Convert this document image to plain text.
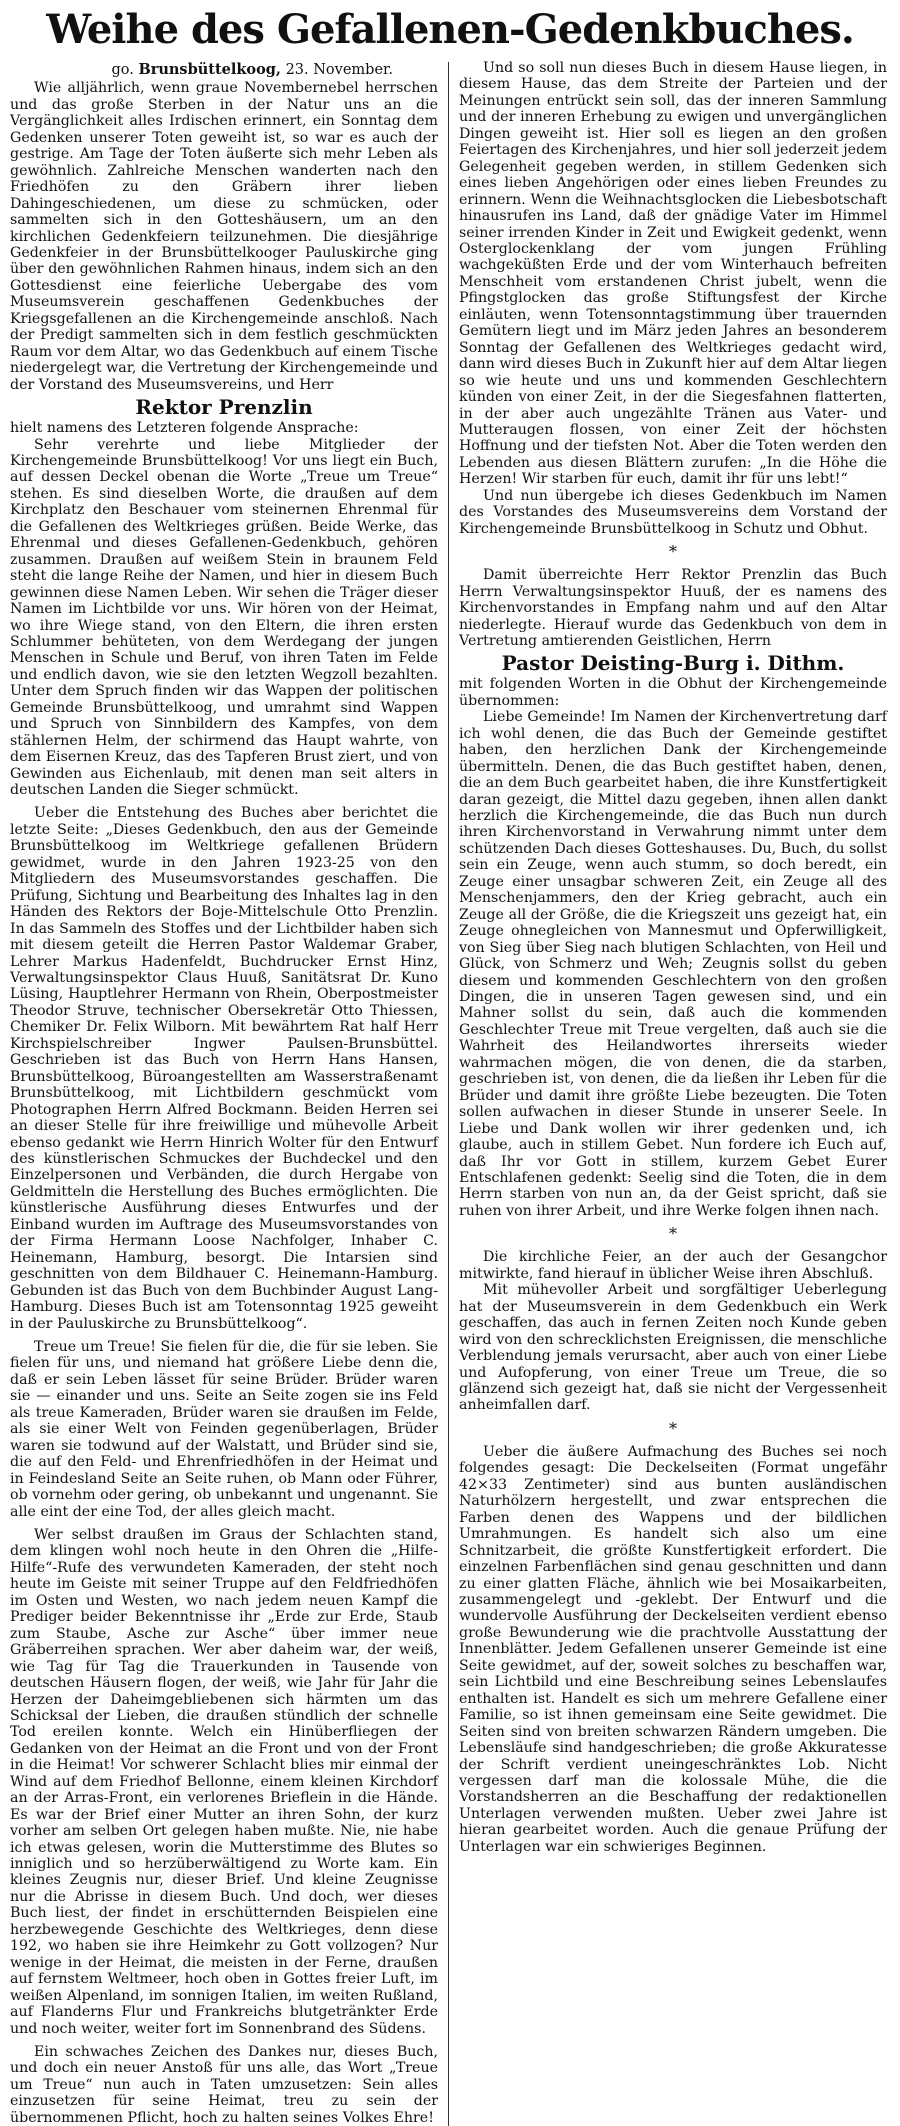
Weihe des Gefallenen-Gedenkbuches.
go. Brunsbüttelkoog, 23. November.

Wie alljährlich, wenn graue Novembernebel herrschen und das große Sterben in der Natur uns an die Vergänglichkeit alles Irdischen erinnert, ein Sonntag dem Gedenken unserer Toten geweiht ist, so war es auch der gestrige. Am Tage der Toten äußerte sich mehr Leben als gewöhnlich. Zahlreiche Menschen wanderten nach den Friedhöfen zu den Gräbern ihrer lieben Dahingeschiedenen, um diese zu schmücken, oder sammelten sich in den Gotteshäusern, um an den kirchlichen Gedenkfeiern teilzunehmen. Die diesjährige Gedenkfeier in der Brunsbüttelkooger Pauluskirche ging über den gewöhnlichen Rahmen hinaus, indem sich an den Gottesdienst eine feierliche Uebergabe des vom Museumsverein geschaffenen Gedenkbuches der Kriegsgefallenen an die Kirchengemeinde anschloß. Nach der Predigt sammelten sich in dem festlich geschmückten Raum vor dem Altar, wo das Gedenkbuch auf einem Tische niedergelegt war, die Vertretung der Kirchengemeinde und der Vorstand des Museumsvereins, und Herr

Rektor Prenzlin

hielt namens des Letzteren folgende Ansprache:

Sehr verehrte und liebe Mitglieder der Kirchengemeinde Brunsbüttelkoog! Vor uns liegt ein Buch, auf dessen Deckel obenan die Worte „Treue um Treue“ stehen. Es sind dieselben Worte, die draußen auf dem Kirchplatz den Beschauer vom steinernen Ehrenmal für die Gefallenen des Weltkrieges grüßen. Beide Werke, das Ehrenmal und dieses Gefallenen-Gedenkbuch, gehören zusammen. Draußen auf weißem Stein in braunem Feld steht die lange Reihe der Namen, und hier in diesem Buch gewinnen diese Namen Leben. Wir sehen die Träger dieser Namen im Lichtbilde vor uns. Wir hören von der Heimat, wo ihre Wiege stand, von den Eltern, die ihren ersten Schlummer behüteten, von dem Werdegang der jungen Menschen in Schule und Beruf, von ihren Taten im Felde und endlich davon, wie sie den letzten Wegzoll bezahlten. Unter dem Spruch finden wir das Wappen der politischen Gemeinde Brunsbüttelkoog, und umrahmt sind Wappen und Spruch von Sinnbildern des Kampfes, von dem stählernen Helm, der schirmend das Haupt wahrte, von dem Eisernen Kreuz, das des Tapferen Brust ziert, und von Gewinden aus Eichenlaub, mit denen man seit alters in deutschen Landen die Sieger schmückt.

Ueber die Entstehung des Buches aber berichtet die letzte Seite: „Dieses Gedenkbuch, den aus der Gemeinde Brunsbüttelkoog im Weltkriege gefallenen Brüdern gewidmet, wurde in den Jahren 1923-25 von den Mitgliedern des Museumsvorstandes geschaffen. Die Prüfung, Sichtung und Bearbeitung des Inhaltes lag in den Händen des Rektors der Boje-Mittelschule Otto Prenzlin. In das Sammeln des Stoffes und der Lichtbilder haben sich mit diesem geteilt die Herren Pastor Waldemar Graber, Lehrer Markus Hadenfeldt, Buchdrucker Ernst Hinz, Verwaltungsinspektor Claus Huuß, Sanitätsrat Dr. Kuno Lüsing, Hauptlehrer Hermann von Rhein, Oberpostmeister Theodor Struve, technischer Obersekretär Otto Thiessen, Chemiker Dr. Felix Wilborn. Mit bewährtem Rat half Herr Kirchspielschreiber Ingwer Paulsen-Brunsbüttel. Geschrieben ist das Buch von Herrn Hans Hansen, Brunsbüttelkoog, Büroangestellten am Wasserstraßenamt Brunsbüttelkoog, mit Lichtbildern geschmückt vom Photographen Herrn Alfred Bockmann. Beiden Herren sei an dieser Stelle für ihre freiwillige und mühevolle Arbeit ebenso gedankt wie Herrn Hinrich Wolter für den Entwurf des künstlerischen Schmuckes der Buchdeckel und den Einzelpersonen und Verbänden, die durch Hergabe von Geldmitteln die Herstellung des Buches ermöglichten. Die künstlerische Ausführung dieses Entwurfes und der Einband wurden im Auftrage des Museumsvorstandes von der Firma Hermann Loose Nachfolger, Inhaber C. Heinemann, Hamburg, besorgt. Die Intarsien sind geschnitten von dem Bildhauer C. Heinemann-Hamburg. Gebunden ist das Buch von dem Buchbinder August Lang-Hamburg. Dieses Buch ist am Totensonntag 1925 geweiht in der Pauluskirche zu Brunsbüttelkoog“.

Treue um Treue! Sie fielen für die, die für sie leben. Sie fielen für uns, und niemand hat größere Liebe denn die, daß er sein Leben lässet für seine Brüder. Brüder waren sie — einander und uns. Seite an Seite zogen sie ins Feld als treue Kameraden, Brüder waren sie draußen im Felde, als sie einer Welt von Feinden gegenüberlagen, Brüder waren sie todwund auf der Walstatt, und Brüder sind sie, die auf den Feld- und Ehrenfriedhöfen in der Heimat und in Feindesland Seite an Seite ruhen, ob Mann oder Führer, ob vornehm oder gering, ob unbekannt und ungenannt. Sie alle eint der eine Tod, der alles gleich macht.

Wer selbst draußen im Graus der Schlachten stand, dem klingen wohl noch heute in den Ohren die „Hilfe-Hilfe“-Rufe des verwundeten Kameraden, der steht noch heute im Geiste mit seiner Truppe auf den Feldfriedhöfen im Osten und Westen, wo nach jedem neuen Kampf die Prediger beider Bekenntnisse ihr „Erde zur Erde, Staub zum Staube, Asche zur Asche“ über immer neue Gräberreihen sprachen. Wer aber daheim war, der weiß, wie Tag für Tag die Trauerkunden in Tausende von deutschen Häusern flogen, der weiß, wie Jahr für Jahr die Herzen der Daheimgebliebenen sich härmten um das Schicksal der Lieben, die draußen stündlich der schnelle Tod ereilen konnte. Welch ein Hinüberfliegen der Gedanken von der Heimat an die Front und von der Front in die Heimat! Vor schwerer Schlacht blies mir einmal der Wind auf dem Friedhof Bellonne, einem kleinen Kirchdorf an der Arras-Front, ein verlorenes Brieflein in die Hände. Es war der Brief einer Mutter an ihren Sohn, der kurz vorher am selben Ort gelegen haben mußte. Nie, nie habe ich etwas gelesen, worin die Mutterstimme des Blutes so inniglich und so herzüberwältigend zu Worte kam. Ein kleines Zeugnis nur, dieser Brief. Und kleine Zeugnisse nur die Abrisse in diesem Buch. Und doch, wer dieses Buch liest, der findet in erschütternden Beispielen eine herzbewegende Geschichte des Weltkrieges, denn diese 192, wo haben sie ihre Heimkehr zu Gott vollzogen? Nur wenige in der Heimat, die meisten in der Ferne, draußen auf fernstem Weltmeer, hoch oben in Gottes freier Luft, im weißen Alpenland, im sonnigen Italien, im weiten Rußland, auf Flanderns Flur und Frankreichs blutgetränkter Erde und noch weiter, weiter fort im Sonnenbrand des Südens.

Ein schwaches Zeichen des Dankes nur, dieses Buch, und doch ein neuer Anstoß für uns alle, das Wort „Treue um Treue“ nun auch in Taten umzusetzen: Sein alles einzusetzen für seine Heimat, treu zu sein der übernommenen Pflicht, hoch zu halten seines Volkes Ehre!

Und so soll nun dieses Buch in diesem Hause liegen, in diesem Hause, das dem Streite der Parteien und der Meinungen entrückt sein soll, das der inneren Sammlung und der inneren Erhebung zu ewigen und unvergänglichen Dingen geweiht ist. Hier soll es liegen an den großen Feiertagen des Kirchenjahres, und hier soll jederzeit jedem Gelegenheit gegeben werden, in stillem Gedenken sich eines lieben Angehörigen oder eines lieben Freundes zu erinnern. Wenn die Weihnachtsglocken die Liebesbotschaft hinausrufen ins Land, daß der gnädige Vater im Himmel seiner irrenden Kinder in Zeit und Ewigkeit gedenkt, wenn Osterglockenklang der vom jungen Frühling wachgeküßten Erde und der vom Winterhauch befreiten Menschheit vom erstandenen Christ jubelt, wenn die Pfingstglocken das große Stiftungsfest der Kirche einläuten, wenn Totensonntagstimmung über trauernden Gemütern liegt und im März jeden Jahres an besonderem Sonntag der Gefallenen des Weltkrieges gedacht wird, dann wird dieses Buch in Zukunft hier auf dem Altar liegen so wie heute und uns und kommenden Geschlechtern künden von einer Zeit, in der die Siegesfahnen flatterten, in der aber auch ungezählte Tränen aus Vater- und Mutteraugen flossen, von einer Zeit der höchsten Hoffnung und der tiefsten Not. Aber die Toten werden den Lebenden aus diesen Blättern zurufen: „In die Höhe die Herzen! Wir starben für euch, damit ihr für uns lebt!“

Und nun übergebe ich dieses Gedenkbuch im Namen des Vorstandes des Museumsvereins dem Vorstand der Kirchengemeinde Brunsbüttelkoog in Schutz und Obhut.

*

Damit überreichte Herr Rektor Prenzlin das Buch Herrn Verwaltungsinspektor Huuß, der es namens des Kirchenvorstandes in Empfang nahm und auf den Altar niederlegte. Hierauf wurde das Gedenkbuch von dem in Vertretung amtierenden Geistlichen, Herrn

Pastor Deisting-Burg i. Dithm.

mit folgenden Worten in die Obhut der Kirchengemeinde übernommen:

Liebe Gemeinde! Im Namen der Kirchenvertretung darf ich wohl denen, die das Buch der Gemeinde gestiftet haben, den herzlichen Dank der Kirchengemeinde übermitteln. Denen, die das Buch gestiftet haben, denen, die an dem Buch gearbeitet haben, die ihre Kunstfertigkeit daran gezeigt, die Mittel dazu gegeben, ihnen allen dankt herzlich die Kirchengemeinde, die das Buch nun durch ihren Kirchenvorstand in Verwahrung nimmt unter dem schützenden Dach dieses Gotteshauses. Du, Buch, du sollst sein ein Zeuge, wenn auch stumm, so doch beredt, ein Zeuge einer unsagbar schweren Zeit, ein Zeuge all des Menschenjammers, den der Krieg gebracht, auch ein Zeuge all der Größe, die die Kriegszeit uns gezeigt hat, ein Zeuge ohnegleichen von Mannesmut und Opferwilligkeit, von Sieg über Sieg nach blutigen Schlachten, von Heil und Glück, von Schmerz und Weh; Zeugnis sollst du geben diesem und kommenden Geschlechtern von den großen Dingen, die in unseren Tagen gewesen sind, und ein Mahner sollst du sein, daß auch die kommenden Geschlechter Treue mit Treue vergelten, daß auch sie die Wahrheit des Heilandwortes ihrerseits wieder wahrmachen mögen, die von denen, die da starben, geschrieben ist, von denen, die da ließen ihr Leben für die Brüder und damit ihre größte Liebe bezeugten. Die Toten sollen aufwachen in dieser Stunde in unserer Seele. In Liebe und Dank wollen wir ihrer gedenken und, ich glaube, auch in stillem Gebet. Nun fordere ich Euch auf, daß Ihr vor Gott in stillem, kurzem Gebet Eurer Entschlafenen gedenkt: Seelig sind die Toten, die in dem Herrn starben von nun an, da der Geist spricht, daß sie ruhen von ihrer Arbeit, und ihre Werke folgen ihnen nach.

*

Die kirchliche Feier, an der auch der Gesangchor mitwirkte, fand hierauf in üblicher Weise ihren Abschluß.

Mit mühevoller Arbeit und sorgfältiger Ueberlegung hat der Museumsverein in dem Gedenkbuch ein Werk geschaffen, das auch in fernen Zeiten noch Kunde geben wird von den schrecklichsten Ereignissen, die menschliche Verblendung jemals verursacht, aber auch von einer Liebe und Aufopferung, von einer Treue um Treue, die so glänzend sich gezeigt hat, daß sie nicht der Vergessenheit anheimfallen darf.

*

Ueber die äußere Aufmachung des Buches sei noch folgendes gesagt: Die Deckelseiten (Format ungefähr 42×33 Zentimeter) sind aus bunten ausländischen Naturhölzern hergestellt, und zwar entsprechen die Farben denen des Wappens und der bildlichen Umrahmungen. Es handelt sich also um eine Schnitzarbeit, die größte Kunstfertigkeit erfordert. Die einzelnen Farbenflächen sind genau geschnitten und dann zu einer glatten Fläche, ähnlich wie bei Mosaikarbeiten, zusammengelegt und -geklebt. Der Entwurf und die wundervolle Ausführung der Deckelseiten verdient ebenso große Bewunderung wie die prachtvolle Ausstattung der Innenblätter. Jedem Gefallenen unserer Gemeinde ist eine Seite gewidmet, auf der, soweit solches zu beschaffen war, sein Lichtbild und eine Beschreibung seines Lebenslaufes enthalten ist. Handelt es sich um mehrere Gefallene einer Familie, so ist ihnen gemeinsam eine Seite gewidmet. Die Seiten sind von breiten schwarzen Rändern umgeben. Die Lebensläufe sind handgeschrieben; die große Akkuratesse der Schrift verdient uneingeschränktes Lob. Nicht vergessen darf man die kolossale Mühe, die die Vorstandsherren an die Beschaffung der redaktionellen Unterlagen verwenden mußten. Ueber zwei Jahre ist hieran gearbeitet worden. Auch die genaue Prüfung der Unterlagen war ein schwieriges Beginnen.
